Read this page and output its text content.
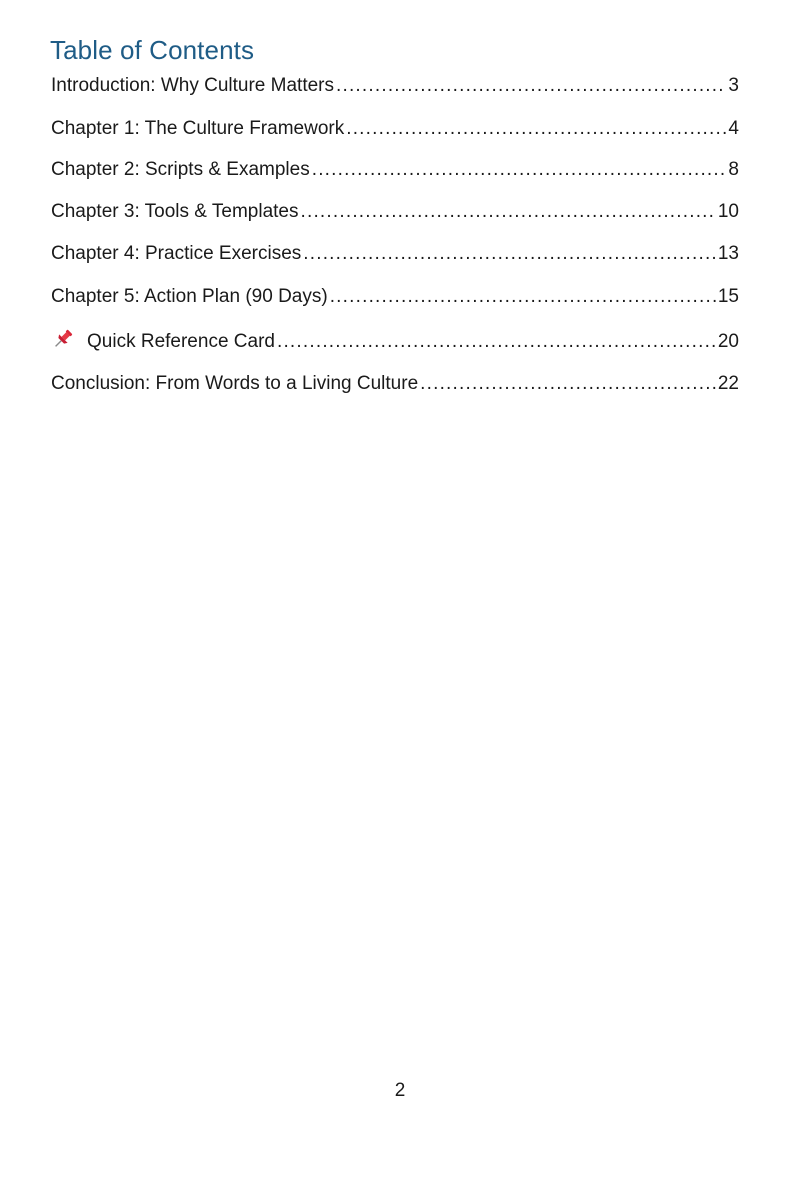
Table of Contents
Introduction: Why Culture Matters .....	3
Chapter 1: The Culture Framework .....	4
Chapter 2: Scripts & Examples .....	8
Chapter 3: Tools & Templates .....	10
Chapter 4: Practice Exercises .....	13
Chapter 5: Action Plan (90 Days) .....	15
Quick Reference Card .....	20
Conclusion: From Words to a Living Culture .....	22
2
